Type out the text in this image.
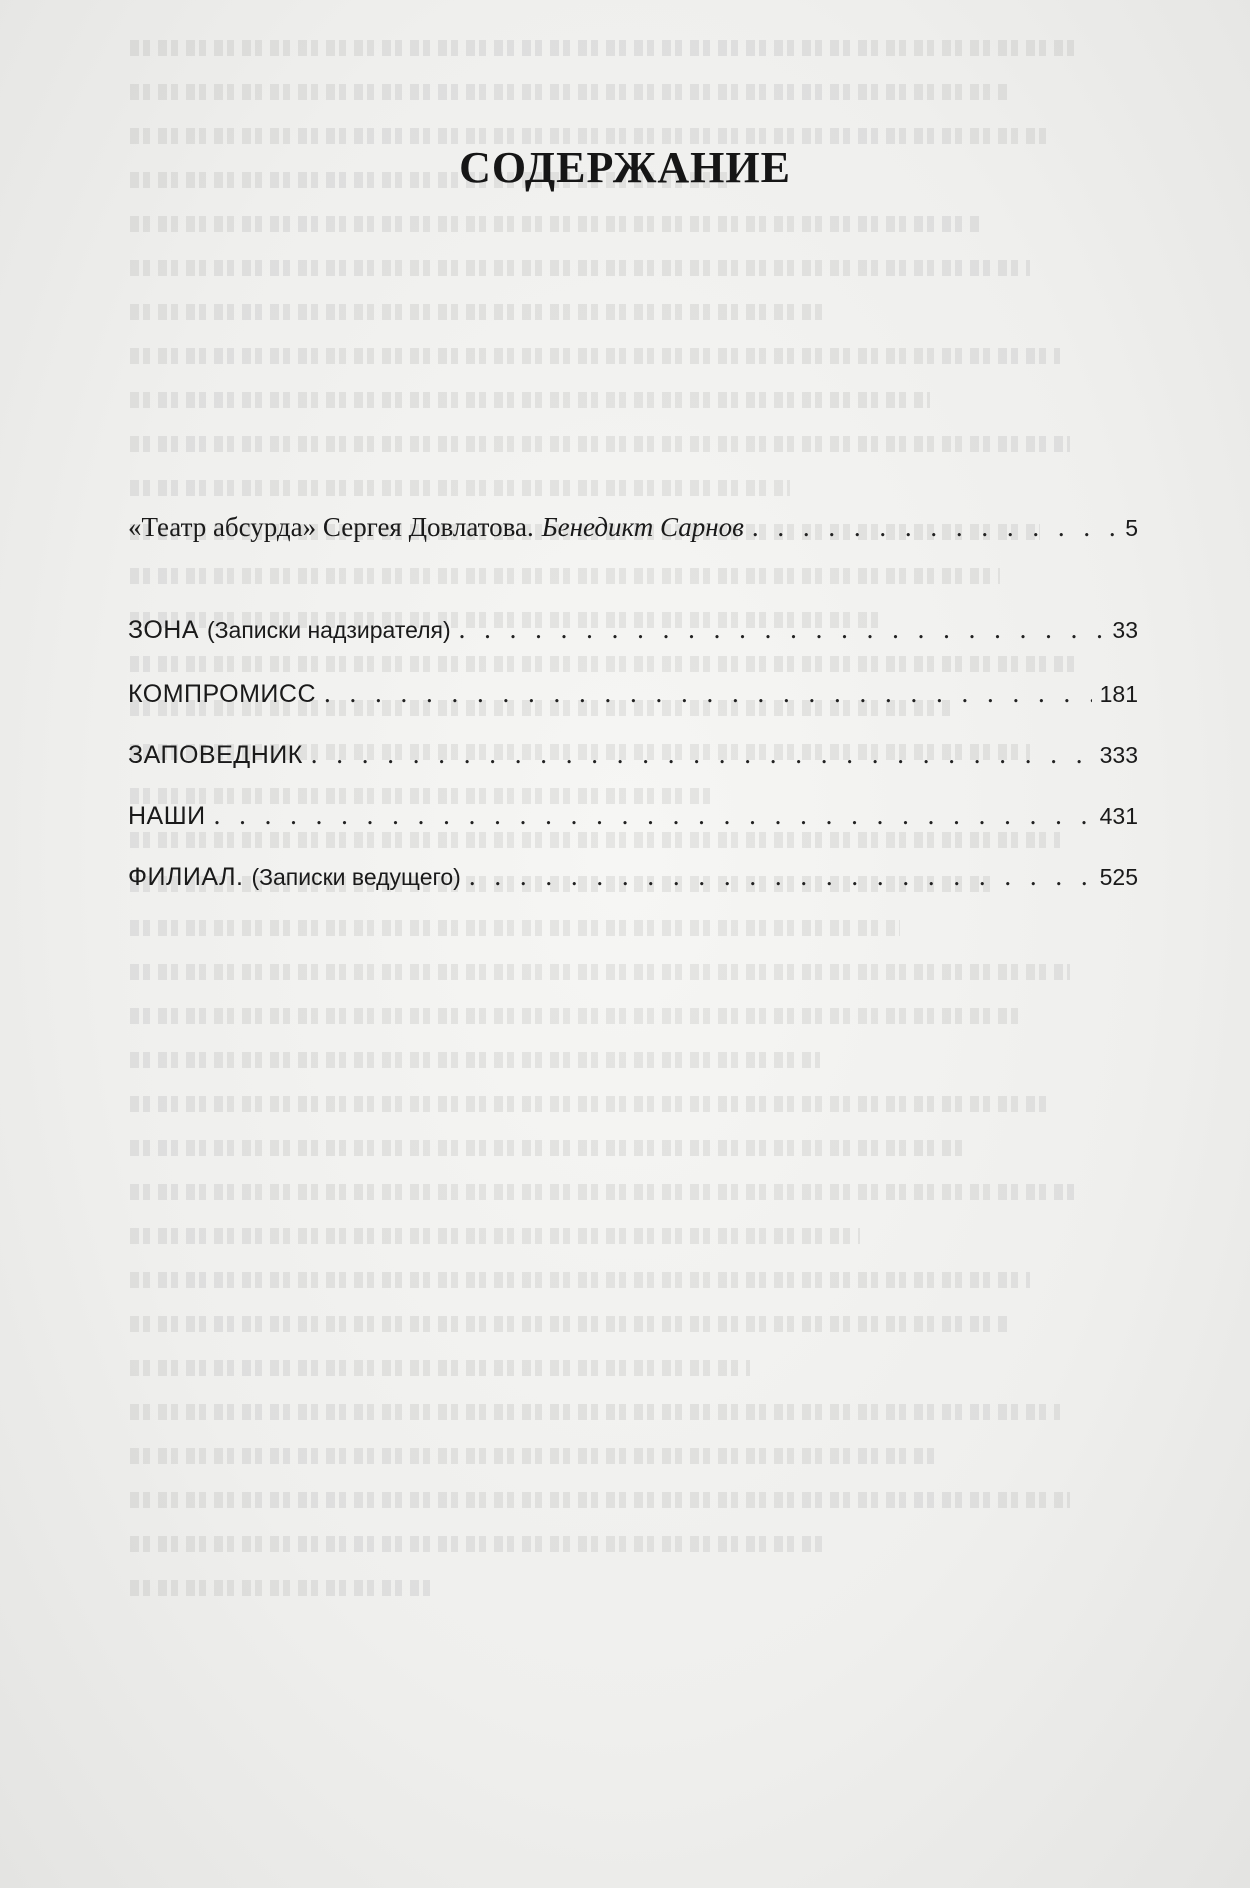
СОДЕРЖАНИЕ
«Театр абсурда» Сергея Довлатова. Бенедикт Сарнов . . .	5
ЗОНА (Записки надзирателя) . . .	33
КОМПРОМИСС . . .	181
ЗАПОВЕДНИК . . .	333
НАШИ . . .	431
ФИЛИАЛ. (Записки ведущего) . . .	525
